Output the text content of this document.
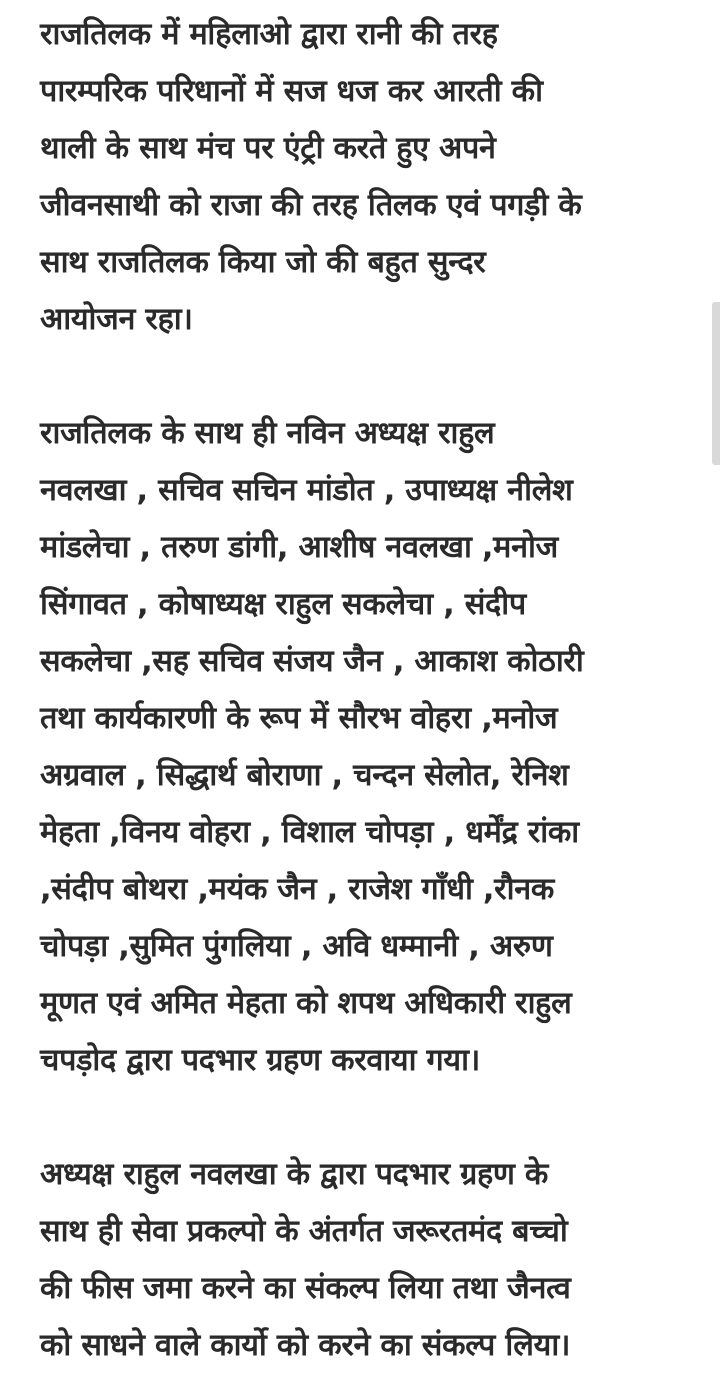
राजतिलक में महिलाओ द्वारा रानी की तरह
पारम्परिक परिधानों में सज धज कर आरती की
थाली के साथ मंच पर एंट्री करते हुए अपने
जीवनसाथी को राजा की तरह तिलक एवं पगड़ी के
साथ राजतिलक किया जो की बहुत सुन्दर
आयोजन रहा।

राजतिलक के साथ ही नविन अध्यक्ष राहुल
नवलखा , सचिव सचिन मांडोत , उपाध्यक्ष नीलेश
मांडलेचा , तरुण डांगी, आशीष नवलखा ,मनोज
सिंगावत , कोषाध्यक्ष राहुल सकलेचा , संदीप
सकलेचा ,सह सचिव संजय जैन , आकाश कोठारी
तथा कार्यकारणी के रूप में सौरभ वोहरा ,मनोज
अग्रवाल , सिद्धार्थ बोराणा , चन्दन सेलोत, रेनिश
मेहता ,विनय वोहरा , विशाल चोपड़ा , धर्मेंद्र रांका
,संदीप बोथरा ,मयंक जैन , राजेश गाँधी ,रौनक
चोपड़ा ,सुमित पुंगलिया , अवि धम्मानी , अरुण
मूणत एवं अमित मेहता को शपथ अधिकारी राहुल
चपड़ोद द्वारा पदभार ग्रहण करवाया गया।

अध्यक्ष राहुल नवलखा के द्वारा पदभार ग्रहण के
साथ ही सेवा प्रकल्पो के अंतर्गत जरूरतमंद बच्चो
की फीस जमा करने का संकल्प लिया तथा जैनत्व
को साधने वाले कार्यो को करने का संकल्प लिया।
